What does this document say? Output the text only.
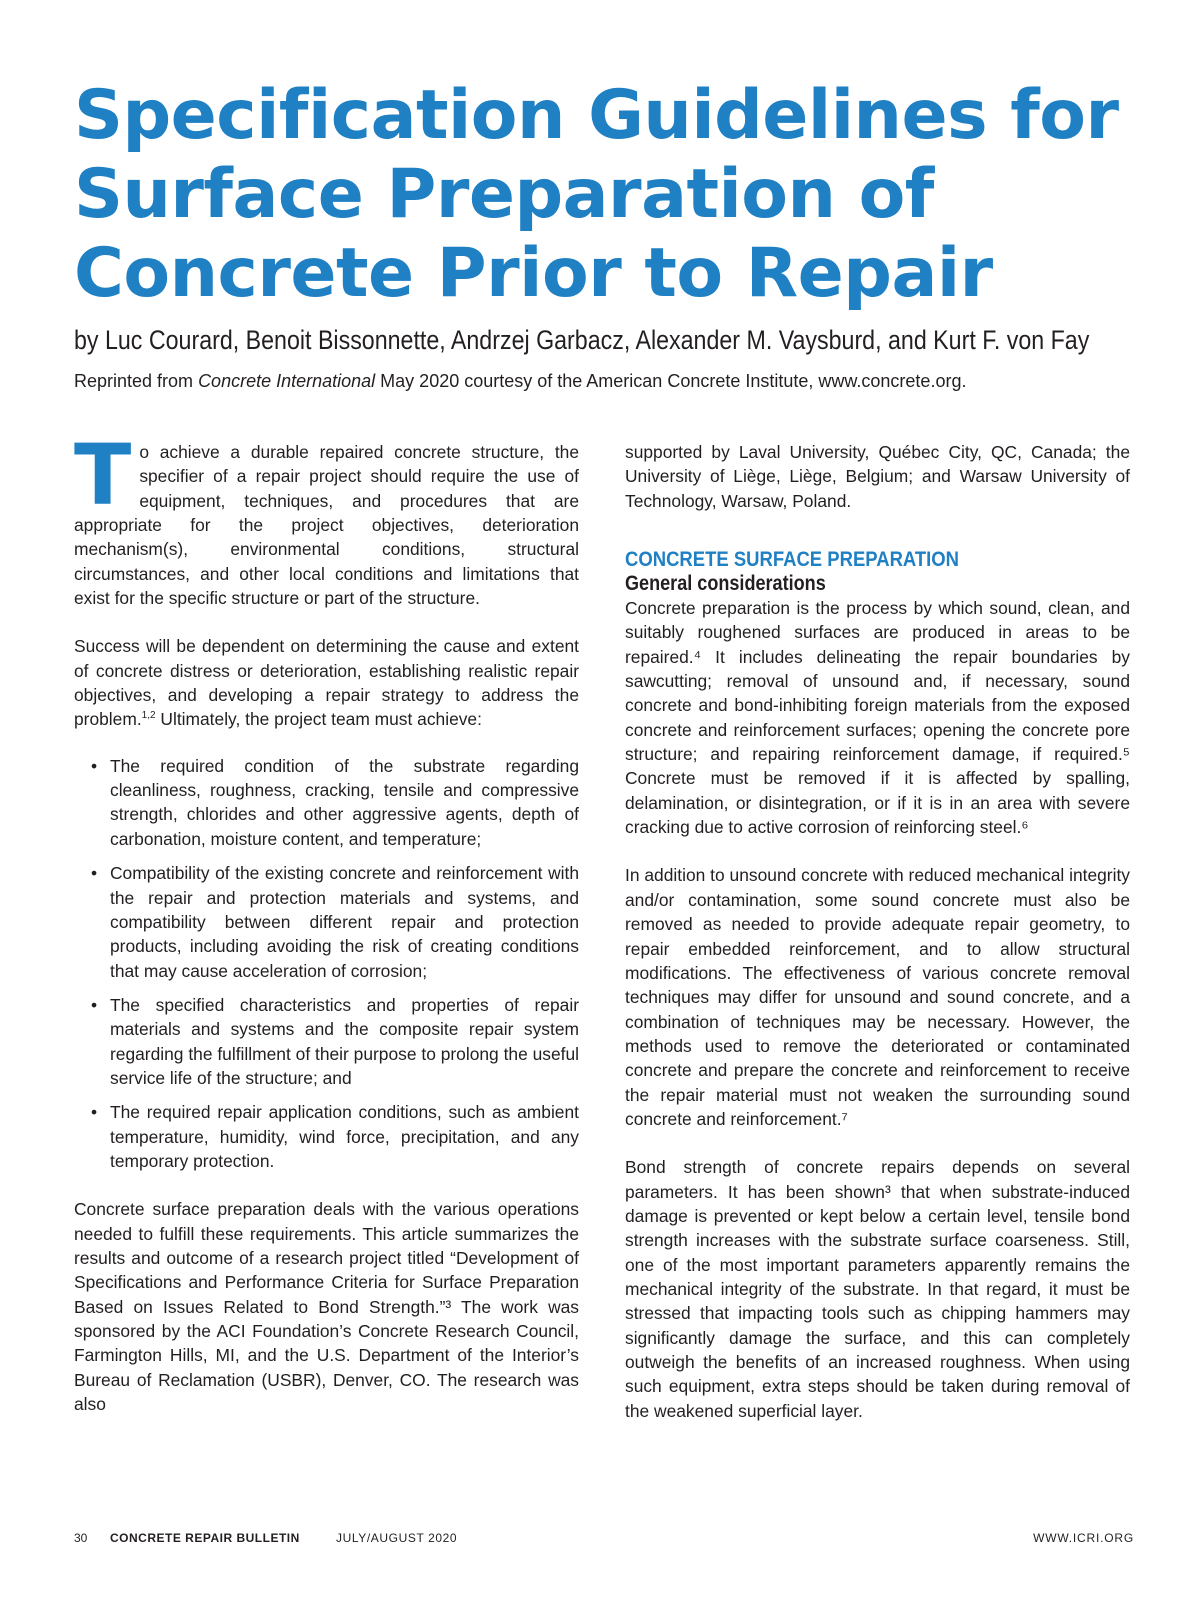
Specification Guidelines for
Surface Preparation of
Concrete Prior to Repair
by Luc Courard, Benoit Bissonnette, Andrzej Garbacz, Alexander M. Vaysburd, and Kurt F. von Fay
Reprinted from Concrete International May 2020 courtesy of the American Concrete Institute, www.concrete.org.

To achieve a durable repaired concrete structure, the specifier of a repair project should require the use of equipment, techniques, and procedures that are appropriate for the project objectives, deterioration mechanism(s), environmental conditions, structural circumstances, and other local conditions and limitations that exist for the specific structure or part of the structure.

Success will be dependent on determining the cause and extent of concrete distress or deterioration, establishing realistic repair objectives, and developing a repair strategy to address the problem.$^{1,2}$ Ultimately, the project team must achieve:

• The required condition of the substrate regarding cleanliness, roughness, cracking, tensile and compressive strength, chlorides and other aggressive agents, depth of carbonation, moisture content, and temperature;
• Compatibility of the existing concrete and reinforcement with the repair and protection materials and systems, and compatibility between different repair and protection products, including avoiding the risk of creating conditions that may cause acceleration of corrosion;
• The specified characteristics and properties of repair materials and systems and the composite repair system regarding the fulfillment of their purpose to prolong the useful service life of the structure; and
• The required repair application conditions, such as ambient temperature, humidity, wind force, precipitation, and any temporary protection.

Concrete surface preparation deals with the various operations needed to fulfill these requirements. This article summarizes the results and outcome of a research project titled “Development of Specifications and Performance Criteria for Surface Preparation Based on Issues Related to Bond Strength.”³ The work was sponsored by the ACI Foundation’s Concrete Research Council, Farmington Hills, MI, and the U.S. Department of the Interior’s Bureau of Reclamation (USBR), Denver, CO. The research was also

supported by Laval University, Québec City, QC, Canada; the University of Liège, Liège, Belgium; and Warsaw University of Technology, Warsaw, Poland.

CONCRETE SURFACE PREPARATION
General considerations

Concrete preparation is the process by which sound, clean, and suitably roughened surfaces are produced in areas to be repaired.⁴ It includes delineating the repair boundaries by sawcutting; removal of unsound and, if necessary, sound concrete and bond-inhibiting foreign materials from the exposed concrete and reinforcement surfaces; opening the concrete pore structure; and repairing reinforcement damage, if required.⁵ Concrete must be removed if it is affected by spalling, delamination, or disintegration, or if it is in an area with severe cracking due to active corrosion of reinforcing steel.⁶

In addition to unsound concrete with reduced mechanical integrity and/or contamination, some sound concrete must also be removed as needed to provide adequate repair geometry, to repair embedded reinforcement, and to allow structural modifications. The effectiveness of various concrete removal techniques may differ for unsound and sound concrete, and a combination of techniques may be necessary. However, the methods used to remove the deteriorated or contaminated concrete and prepare the concrete and reinforcement to receive the repair material must not weaken the surrounding sound concrete and reinforcement.⁷

Bond strength of concrete repairs depends on several parameters. It has been shown³ that when substrate-induced damage is prevented or kept below a certain level, tensile bond strength increases with the substrate surface coarseness. Still, one of the most important parameters apparently remains the mechanical integrity of the substrate. In that regard, it must be stressed that impacting tools such as chipping hammers may significantly damage the surface, and this can completely outweigh the benefits of an increased roughness. When using such equipment, extra steps should be taken during removal of the weakened superficial layer.

30 CONCRETE REPAIR BULLETIN	JULY/AUGUST 2020	WWW.ICRI.ORG
